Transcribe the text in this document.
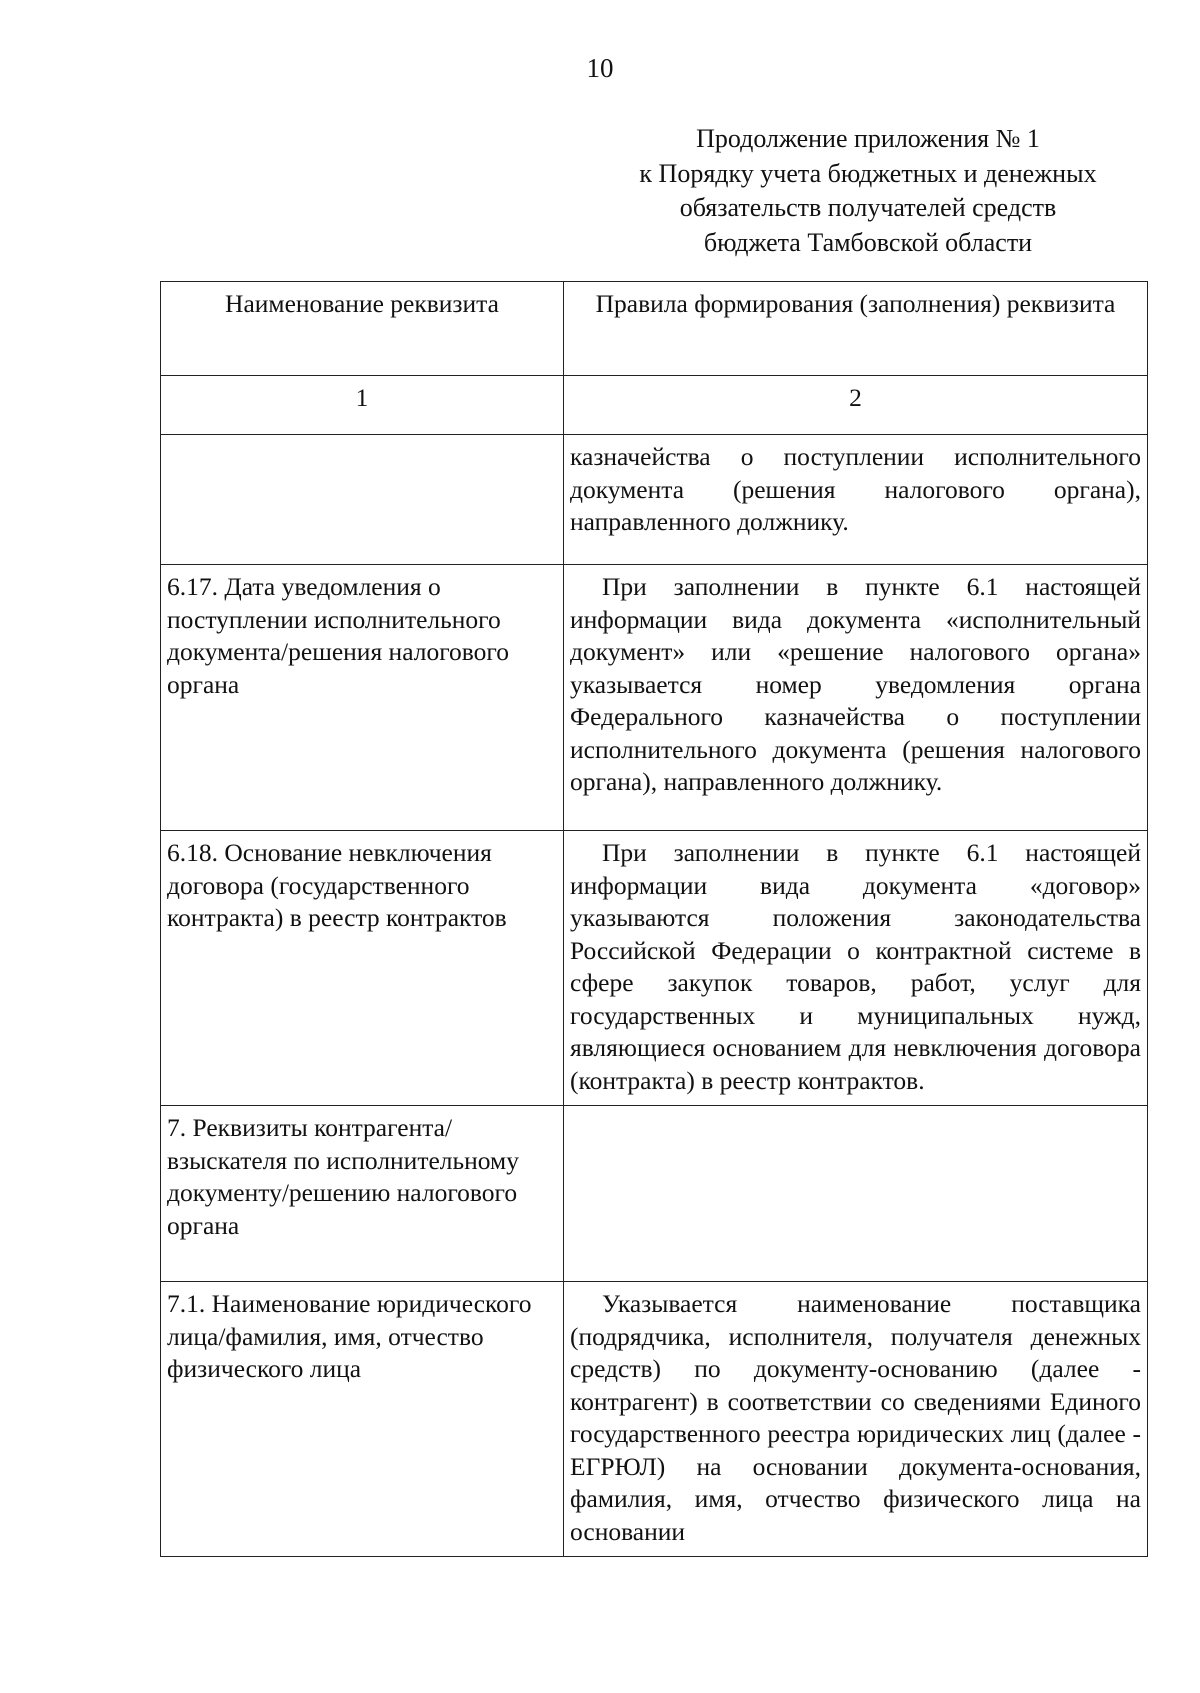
10
Продолжение приложения № 1
к Порядку учета бюджетных и денежных
обязательств получателей средств
бюджета Тамбовской области
Наименование реквизита	Правила формирования (заполнения) реквизита
1	2
	казначейства о поступлении исполнительного документа (решения налогового органа), направленного должнику.
6.17. Дата уведомления о поступлении исполнительного документа/решения налогового органа	При заполнении в пункте 6.1 настоящей информации вида документа «исполнительный документ» или «решение налогового органа» указывается номер уведомления органа Федерального казначейства о поступлении исполнительного документа (решения налогового органа), направленного должнику.
6.18. Основание невключения договора (государственного контракта) в реестр контрактов	При заполнении в пункте 6.1 настоящей информации вида документа «договор» указываются положения законодательства Российской Федерации о контрактной системе в сфере закупок товаров, работ, услуг для государственных и муниципальных нужд, являющиеся основанием для невключения договора (контракта) в реестр контрактов.
7. Реквизиты контрагента/взыскателя по исполнительному документу/решению налогового органа	
7.1. Наименование юридического лица/фамилия, имя, отчество физического лица	Указывается наименование поставщика (подрядчика, исполнителя, получателя денежных средств) по документу-основанию (далее - контрагент) в соответствии со сведениями Единого государственного реестра юридических лиц (далее - ЕГРЮЛ) на основании документа-основания, фамилия, имя, отчество физического лица на основании
